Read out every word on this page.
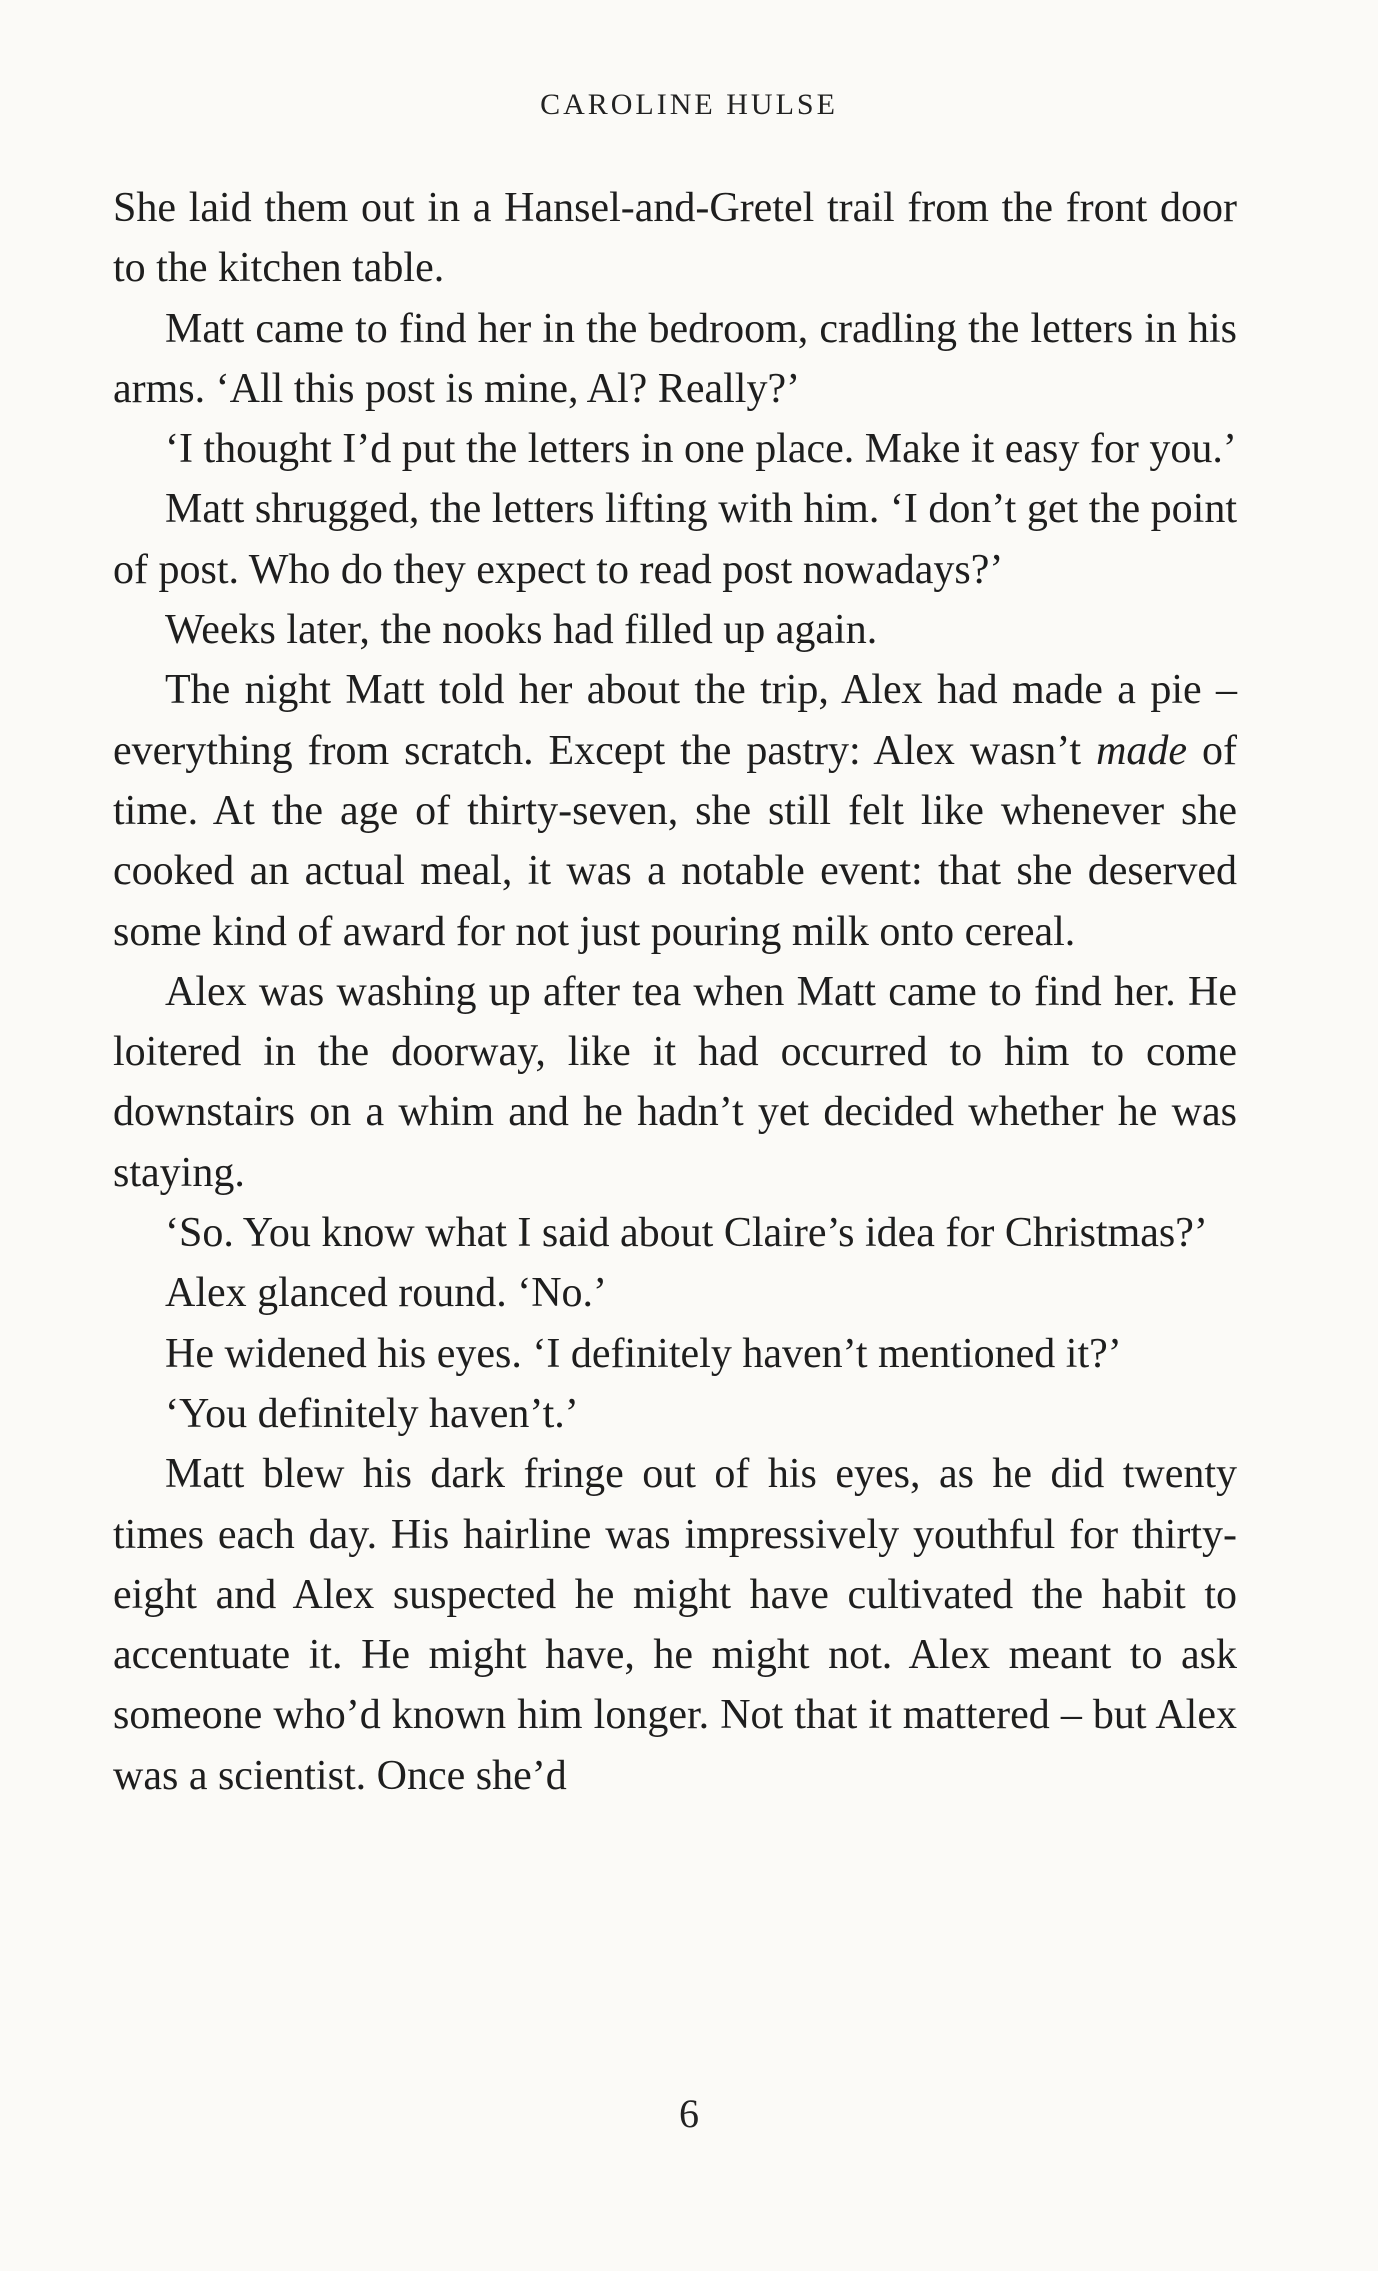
CAROLINE HULSE

She laid them out in a Hansel-and-Gretel trail from the front door to the kitchen table.

Matt came to find her in the bedroom, cradling the letters in his arms. ‘All this post is mine, Al? Really?’

‘I thought I’d put the letters in one place. Make it easy for you.’

Matt shrugged, the letters lifting with him. ‘I don’t get the point of post. Who do they expect to read post nowadays?’

Weeks later, the nooks had filled up again.

The night Matt told her about the trip, Alex had made a pie – everything from scratch. Except the pastry: Alex wasn’t made of time. At the age of thirty-seven, she still felt like whenever she cooked an actual meal, it was a notable event: that she deserved some kind of award for not just pouring milk onto cereal.

Alex was washing up after tea when Matt came to find her. He loitered in the doorway, like it had occurred to him to come downstairs on a whim and he hadn’t yet decided whether he was staying.

‘So. You know what I said about Claire’s idea for Christmas?’

Alex glanced round. ‘No.’

He widened his eyes. ‘I definitely haven’t mentioned it?’

‘You definitely haven’t.’

Matt blew his dark fringe out of his eyes, as he did twenty times each day. His hairline was impressively youthful for thirty-eight and Alex suspected he might have cultivated the habit to accentuate it. He might have, he might not. Alex meant to ask someone who’d known him longer. Not that it mattered – but Alex was a scientist. Once she’d

6
